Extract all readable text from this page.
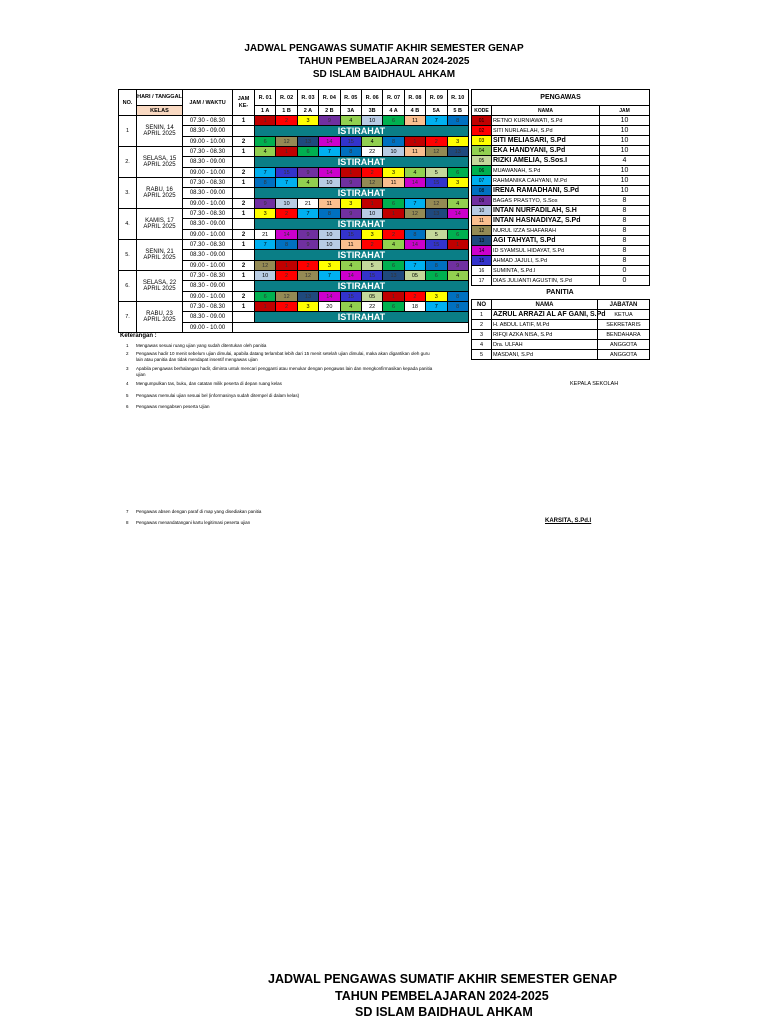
JADWAL PENGAWAS SUMATIF AKHIR SEMESTER GENAP
TAHUN PEMBELAJARAN 2024-2025
SD ISLAM BAIDHAUL AHKAM
NO.	HARI / TANGGAL	JAM / WAKTU	JAM KE-	R. 01	R. 02	R. 03	R. 04	R. 05	R. 06	R. 07	R. 08	R. 09	R. 10
	KELAS			1 A	1 B	2 A	2 B	3A	3B	4 A	4 B	5A	5 B
1	SENIN, 14 APRIL 2025	07.30 - 08.30	1	1	2	3	9	4	10	6	11	7	8
		08.30 - 09.00		ISTIRAHAT									
		09.00 - 10.00	2	6	12	13	14	15	4	8	1	2	3
2.	SELASA, 15 APRIL 2025	07.30 - 08.30	1	4	1	6	7	8	22	10	11	12	13
		08.30 - 09.00		ISTIRAHAT									
		09.00 - 10.00	2	7	15	9	14	1	2	3	4	5	6
3.	RABU, 16 APRIL 2025	07.30 - 08.30	1	8	7	4	10	9	12	11	14	15	3
		08.30 - 09.00		ISTIRAHAT									
		09.00 - 10.00	2	9	10	21	11	3	1	6	7	12	4
4.	KAMIS, 17 APRIL 2025	07.30 - 08.30	1	3	2	7	8	9	10	1	12	13	14
		08.30 - 09.00		ISTIRAHAT									
		09.00 - 10.00	2	21	14	9	10	15	3	2	8	5	6
5.	SENIN, 21 APRIL 2025	07.30 - 08.30	1	7	8	9	10	11	2	4	14	15	1
		08.30 - 09.00		ISTIRAHAT									
		09.00 - 10.00	2	12	1	2	3	4	5	6	7	8	9
6.	SELASA, 22 APRIL 2025	07.30 - 08.30	1	10	2	12	7	14	15	13	05	6	4
		08.30 - 09.00		ISTIRAHAT									
		09.00 - 10.00	2	6	12	13	14	15	05	1	2	3	8
7.	RABU, 23 APRIL 2025	07.30 - 08.30	1	1	2	3	20	4	22	6	18	7	8
		08.30 - 09.00		ISTIRAHAT									
		09.00 - 10.00											
PENGAWAS		
KODE	NAMA	JAM
01	RETNO KURNIAWATI, S.Pd	10
02	SITI NURLAELAH, S.Pd	10
03	SITI MELIASARI, S.Pd	10
04	EKA HANDYANI, S.Pd	10
05	RIZKI AMELIA, S.Sos.I	4
06	MUAWANAH, S.Pd	10
07	RAHMANIKA CAHYANI, M.Pd	10
08	IRENA RAMADHANI, S.Pd	10
09	BAGAS PRASTYO, S.Sos	8
10	INTAN NURFADILAH, S.H	8
11	INTAN HASNADIYAZ, S.Pd	8
12	NURUL IZZA SHAFARAH	8
13	AGI TAHYATI, S.Pd	8
14	ID SYAMSUL HIDAYAT, S.Pd	8
15	AHMAD JAJULI, S.Pd	8
16	SUMINTA, S.Pd.I	0
17	DIAS JULIANTI AGUSTIN, S.Pd	0
PANITIA
NO	NAMA	JABATAN
1	AZRUL ARRAZI AL AF GANI, S.Pd	KETUA
2	H. ABDUL LATIF, M.Pd	SEKRETARIS
3	RIFQI AZKA NISA, S.Pd	BENDAHARA
4	Dra. ULFAH	ANGGOTA
5	MASDANI, S.Pd	ANGGOTA
Keterangan :
1 Mengawas sesuai ruang ujian yang sudah ditentukan oleh panitia
2 Pengawas hadir 10 menit sebelum ujian dimulai, apabila datang terlambat lebih dari 15 menit setelah ujian dimulai, maka akan digantikan oleh guru lain atau panitia dan tidak mendapat insentif mengawas ujian
3 Apabila pengawas berhalangan hadir, diminta untuk mencari pengganti atau menukar dengan pengawas lain dan mengkonfirmasikan kepada panitia ujian
4 Mengumpulkan tas, buku, dan catatan milik peserta di depan ruang kelas
5 Pengawas memulai ujian sesuai bel (informasinya sudah ditempel di dalam kelas)
6 Pengawas mengabsen peserta Ujian
7 Pengawas absen dengan paraf di map yang disediakan panitia
8 Pengawas menandatangani kartu legitimasi peserta ujian
KEPALA SEKOLAH
KARSITA, S.Pd.I
JADWAL PENGAWAS SUMATIF AKHIR SEMESTER GENAP
TAHUN PEMBELAJARAN 2024-2025
SD ISLAM BAIDHAUL AHKAM
